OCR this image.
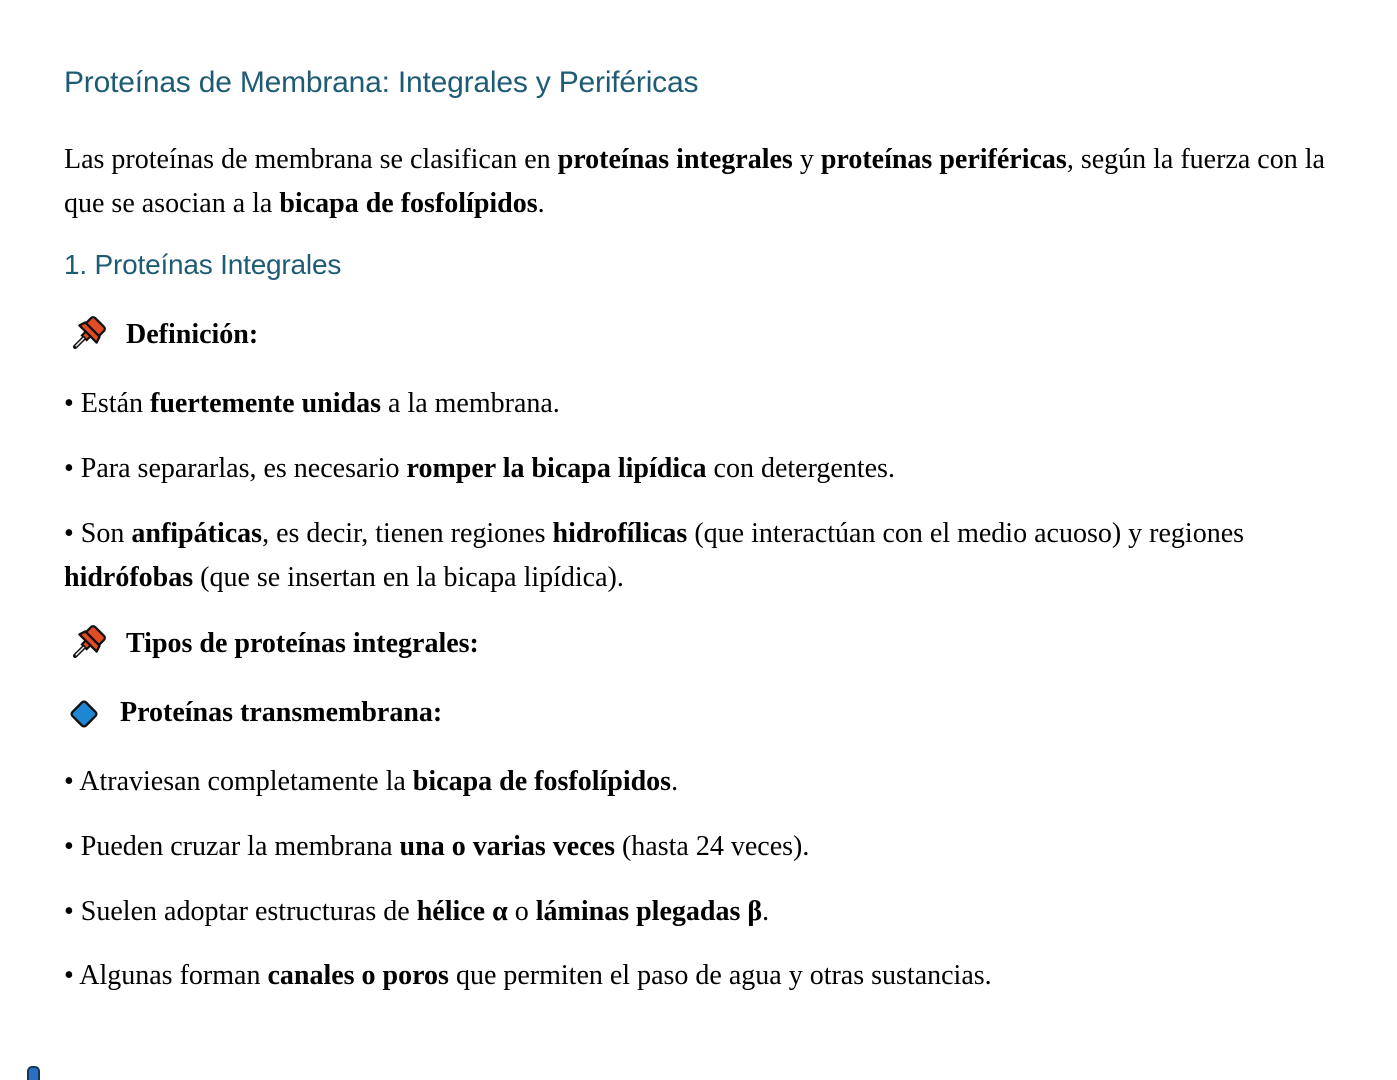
Proteínas de Membrana: Integrales y Periféricas

Las proteínas de membrana se clasifican en proteínas integrales y proteínas periféricas, según la fuerza con la que se asocian a la bicapa de fosfolípidos.

1. Proteínas Integrales
Definición:

• Están fuertemente unidas a la membrana.

• Para separarlas, es necesario romper la bicapa lipídica con detergentes.

• Son anfipáticas, es decir, tienen regiones hidrofílicas (que interactúan con el medio acuoso) y regiones hidrófobas (que se insertan en la bicapa lipídica).

Tipos de proteínas integrales:
Proteínas transmembrana:

• Atraviesan completamente la bicapa de fosfolípidos.

• Pueden cruzar la membrana una o varias veces (hasta 24 veces).

• Suelen adoptar estructuras de hélice α o láminas plegadas β.

• Algunas forman canales o poros que permiten el paso de agua y otras sustancias.
